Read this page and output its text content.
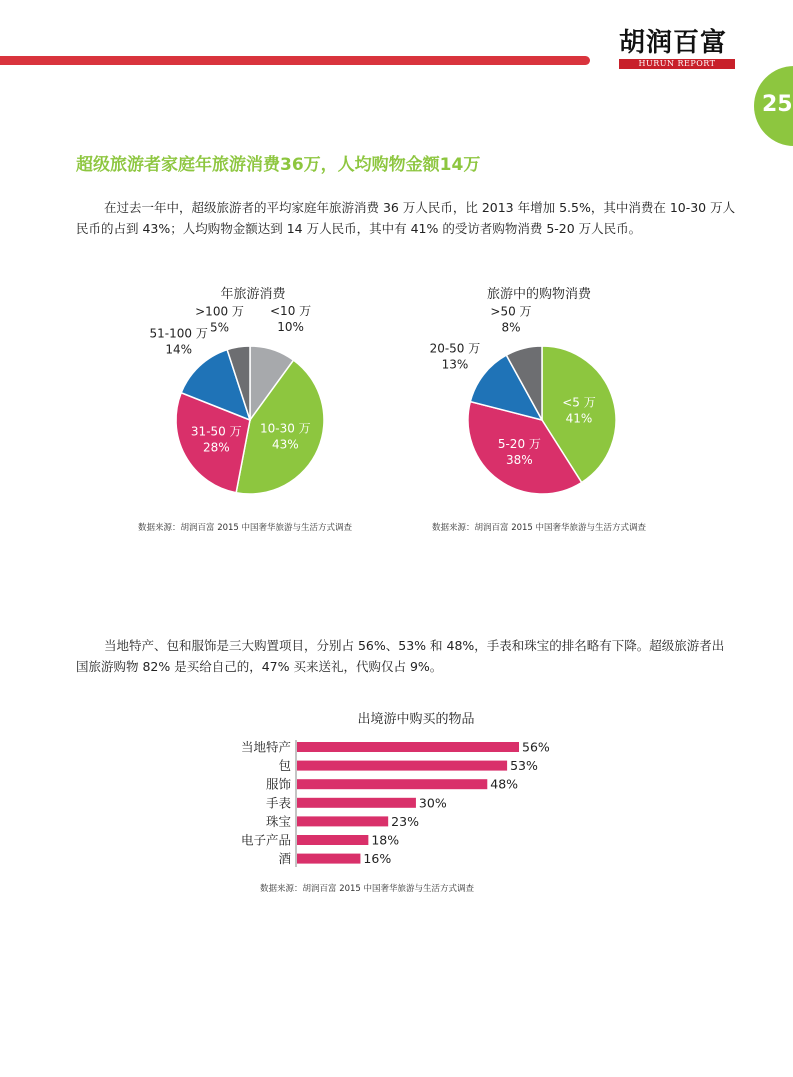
胡润百富
HURUN REPORT
25
超级旅游者家庭年旅游消费36万，人均购物金额14万
在过去一年中，超级旅游者的平均家庭年旅游消费 36 万人民币，比 2013 年增加 5.5%，其中消费在 10-30 万人民币的占到 43%；人均购物金额达到 14 万人民币，其中有 41% 的受访者购物消费 5-20 万人民币。
年旅游消费
<10 万
10%
10-30 万
43%
31-50 万
28%
51-100 万
14%
>100 万
5%
数据来源：胡润百富 2015 中国奢华旅游与生活方式调查
旅游中的购物消费
<5 万
41%
5-20 万
38%
20-50 万
13%
>50 万
8%
数据来源：胡润百富 2015 中国奢华旅游与生活方式调查
当地特产、包和服饰是三大购置项目，分别占 56%、53% 和 48%，手表和珠宝的排名略有下降。超级旅游者出国旅游购物 82% 是买给自己的，47% 买来送礼，代购仅占 9%。
出境游中购买的物品
当地特产	56%
包	53%
服饰	48%
手表	30%
珠宝	23%
电子产品	18%
酒	16%
数据来源：胡润百富 2015 中国奢华旅游与生活方式调查
